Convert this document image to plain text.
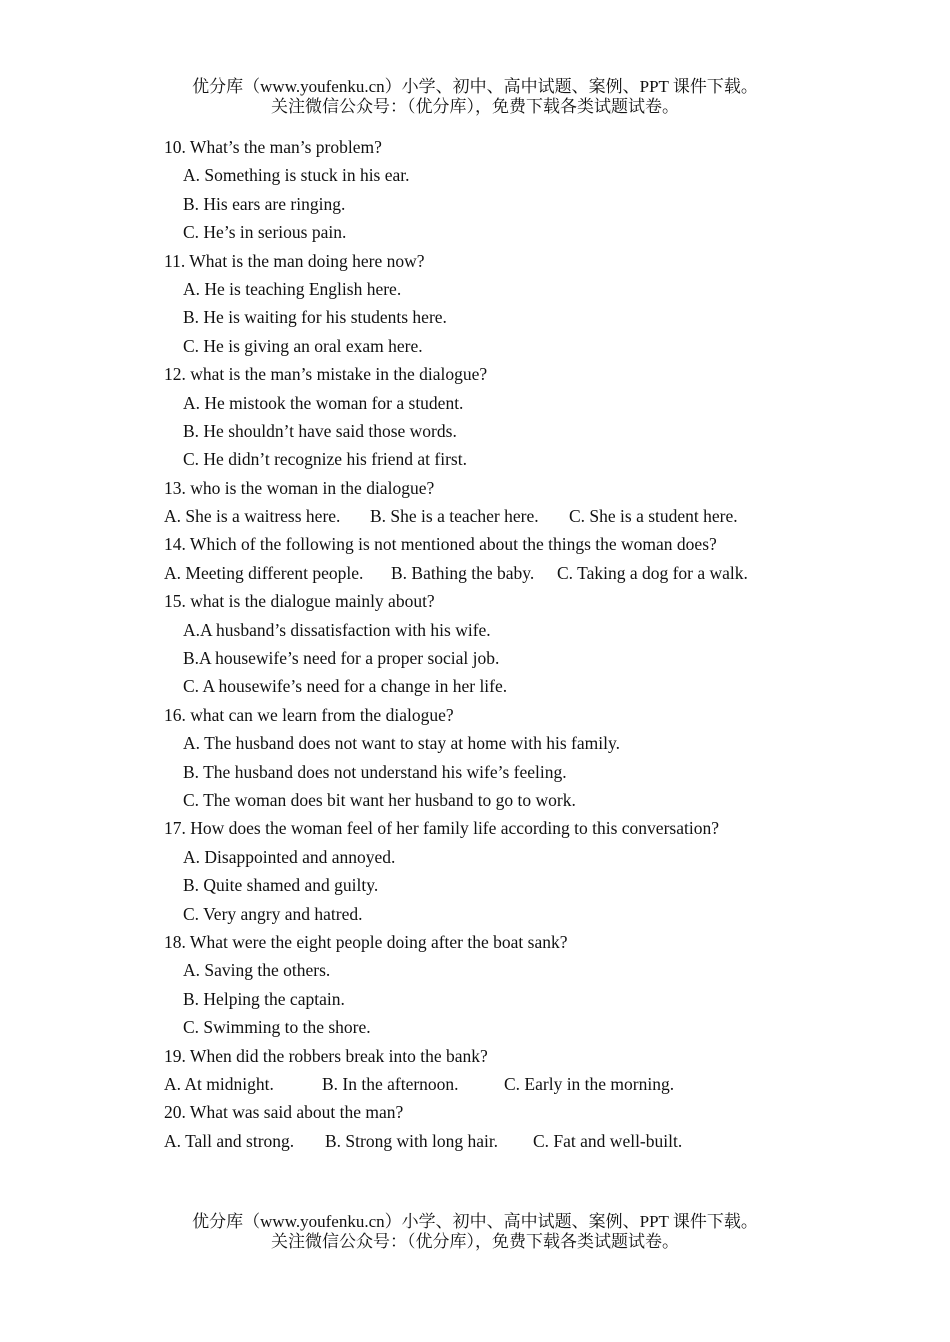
优分库（www.youfenku.cn）小学、初中、高中试题、案例、PPT 课件下载。
关注微信公众号：（优分库），免费下载各类试题试卷。
10. What’s the man’s problem?
A. Something is stuck in his ear.
B. His ears are ringing.
C. He’s in serious pain.
11. What is the man doing here now?
A. He is teaching English here.
B. He is waiting for his students here.
C. He is giving an oral exam here.
12. what is the man’s mistake in the dialogue?
A. He mistook the woman for a student.
B. He shouldn’t have said those words.
C. He didn’t recognize his friend at first.
13. who is the woman in the dialogue?
A. She is a waitress here. B. She is a teacher here. C. She is a student here.
14. Which of the following is not mentioned about the things the woman does?
A. Meeting different people. B. Bathing the baby. C. Taking a dog for a walk.
15. what is the dialogue mainly about?
A.A husband’s dissatisfaction with his wife.
B.A housewife’s need for a proper social job.
C. A housewife’s need for a change in her life.
16. what can we learn from the dialogue?
A. The husband does not want to stay at home with his family.
B. The husband does not understand his wife’s feeling.
C. The woman does bit want her husband to go to work.
17. How does the woman feel of her family life according to this conversation?
A. Disappointed and annoyed.
B. Quite shamed and guilty.
C. Very angry and hatred.
18. What were the eight people doing after the boat sank?
A. Saving the others.
B. Helping the captain.
C. Swimming to the shore.
19. When did the robbers break into the bank?
A. At midnight.	B. In the afternoon.	C. Early in the morning.
20. What was said about the man?
A. Tall and strong. B. Strong with long hair. C. Fat and well-built.
优分库（www.youfenku.cn）小学、初中、高中试题、案例、PPT 课件下载。
关注微信公众号：（优分库），免费下载各类试题试卷。
